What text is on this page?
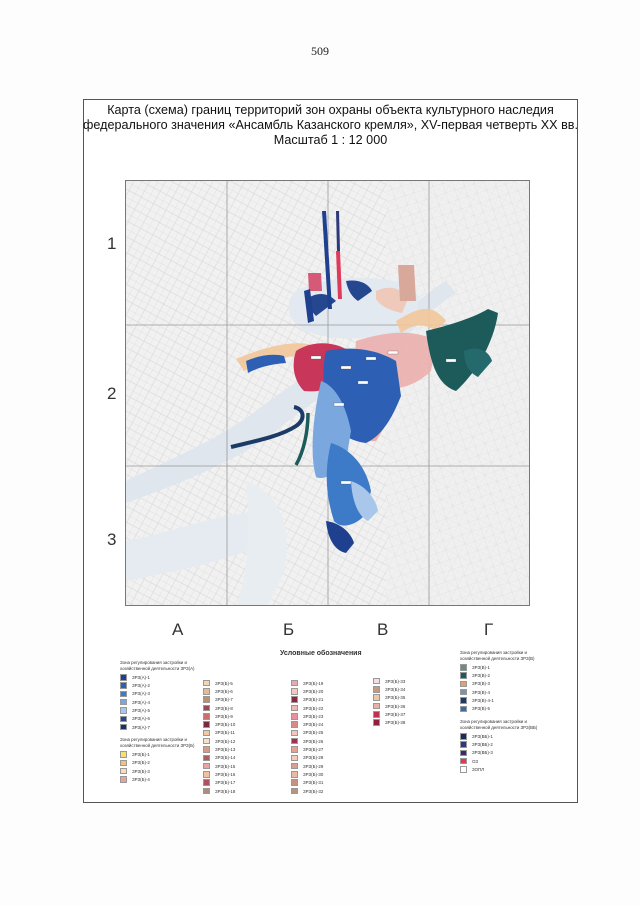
509
Карта (схема) границ территорий зон охраны объекта культурного наследия
федерального значения «Ансамбль Казанского кремля», XV-первая четверть XX вв.
Масштаб 1 : 12 000
1
2
3
А	Б	В	Г
Условные обозначения
Зона регулирования застройки и хозяйственной деятельности ЗРЗ(А)
ЗРЗ(А)-1
ЗРЗ(А)-2
ЗРЗ(А)-3
ЗРЗ(А)-4
ЗРЗ(А)-5
ЗРЗ(А)-6
ЗРЗ(А)-7
Зона регулирования застройки и хозяйственной деятельности ЗРЗ(Б)
ЗРЗ(Б)-1
ЗРЗ(Б)-2
ЗРЗ(Б)-3
ЗРЗ(Б)-4
ЗРЗ(Б)-5
ЗРЗ(Б)-6
ЗРЗ(Б)-7
ЗРЗ(Б)-8
ЗРЗ(Б)-9
ЗРЗ(Б)-10
ЗРЗ(Б)-11
ЗРЗ(Б)-12
ЗРЗ(Б)-13
ЗРЗ(Б)-14
ЗРЗ(Б)-15
ЗРЗ(Б)-16
ЗРЗ(Б)-17
ЗРЗ(Б)-18
ЗРЗ(Б)-19
ЗРЗ(Б)-20
ЗРЗ(Б)-21
ЗРЗ(Б)-22
ЗРЗ(Б)-23
ЗРЗ(Б)-24
ЗРЗ(Б)-25
ЗРЗ(Б)-26
ЗРЗ(Б)-27
ЗРЗ(Б)-28
ЗРЗ(Б)-29
ЗРЗ(Б)-30
ЗРЗ(Б)-31
ЗРЗ(Б)-32
ЗРЗ(Б)-33
ЗРЗ(Б)-34
ЗРЗ(Б)-35
ЗРЗ(Б)-36
ЗРЗ(Б)-37
ЗРЗ(Б)-38
Зона регулирования застройки и хозяйственной деятельности ЗРЗ(В)
ЗРЗ(В)-1
ЗРЗ(В)-2
ЗРЗ(В)-3
ЗРЗ(В)-4
ЗРЗ(В)-4-1
ЗРЗ(В)-5
Зона регулирования застройки и хозяйственной деятельности ЗРЗ(ВБ)
ЗРЗ(ВБ)-1
ЗРЗ(ВБ)-2
ЗРЗ(ВБ)-3
ОЗ
ЗОПЛ
